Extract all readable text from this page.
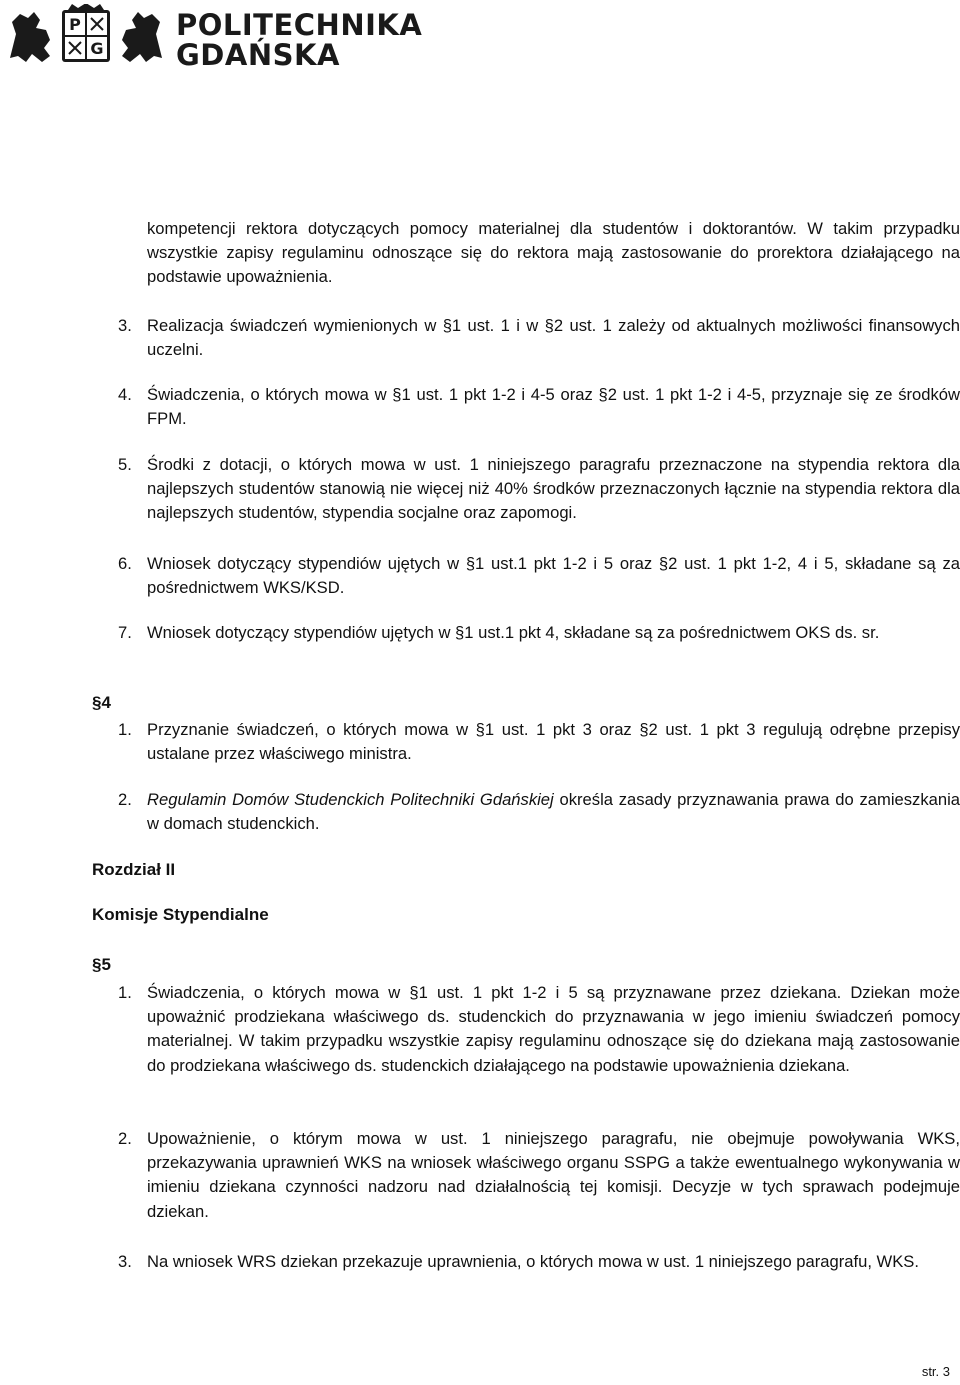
P
G
POLITECHNIKA
GDAŃSKA

kompetencji rektora dotyczących pomocy materialnej dla studentów i doktorantów. W takim przypadku wszystkie zapisy regulaminu odnoszące się do rektora mają zastosowanie do prorektora działającego na podstawie upoważnienia.

3. Realizacja świadczeń wymienionych w §1 ust. 1 i w §2 ust. 1 zależy od aktualnych możliwości finansowych uczelni.
4. Świadczenia, o których mowa w §1 ust. 1 pkt 1-2 i 4-5 oraz §2 ust. 1 pkt 1-2 i 4-5, przyznaje się ze środków FPM.
5. Środki z dotacji, o których mowa w ust. 1 niniejszego paragrafu przeznaczone na stypendia rektora dla najlepszych studentów stanowią nie więcej niż 40% środków przeznaczonych łącznie na stypendia rektora dla najlepszych studentów, stypendia socjalne oraz zapomogi.
6. Wniosek dotyczący stypendiów ujętych w §1 ust.1 pkt 1-2 i 5 oraz §2 ust. 1 pkt 1-2, 4 i 5, składane są za pośrednictwem WKS/KSD.
7. Wniosek dotyczący stypendiów ujętych w §1 ust.1 pkt 4, składane są za pośrednictwem OKS ds. sr.
§4
1. Przyznanie świadczeń, o których mowa w §1 ust. 1 pkt 3 oraz §2 ust. 1 pkt 3 regulują odrębne przepisy ustalane przez właściwego ministra.
2. Regulamin Domów Studenckich Politechniki Gdańskiej określa zasady przyznawania prawa do zamieszkania w domach studenckich.
Rozdział II
Komisje Stypendialne
§5
1. Świadczenia, o których mowa w §1 ust. 1 pkt 1-2 i 5 są przyznawane przez dziekana. Dziekan może upoważnić prodziekana właściwego ds. studenckich do przyznawania w jego imieniu świadczeń pomocy materialnej. W takim przypadku wszystkie zapisy regulaminu odnoszące się do dziekana mają zastosowanie do prodziekana właściwego ds. studenckich działającego na podstawie upoważnienia dziekana.
2. Upoważnienie, o którym mowa w ust. 1 niniejszego paragrafu, nie obejmuje powoływania WKS, przekazywania uprawnień WKS na wniosek właściwego organu SSPG a także ewentualnego wykonywania w imieniu dziekana czynności nadzoru nad działalnością tej komisji. Decyzje w tych sprawach podejmuje dziekan.
3. Na wniosek WRS dziekan przekazuje uprawnienia, o których mowa w ust. 1 niniejszego paragrafu, WKS.
str. 3
